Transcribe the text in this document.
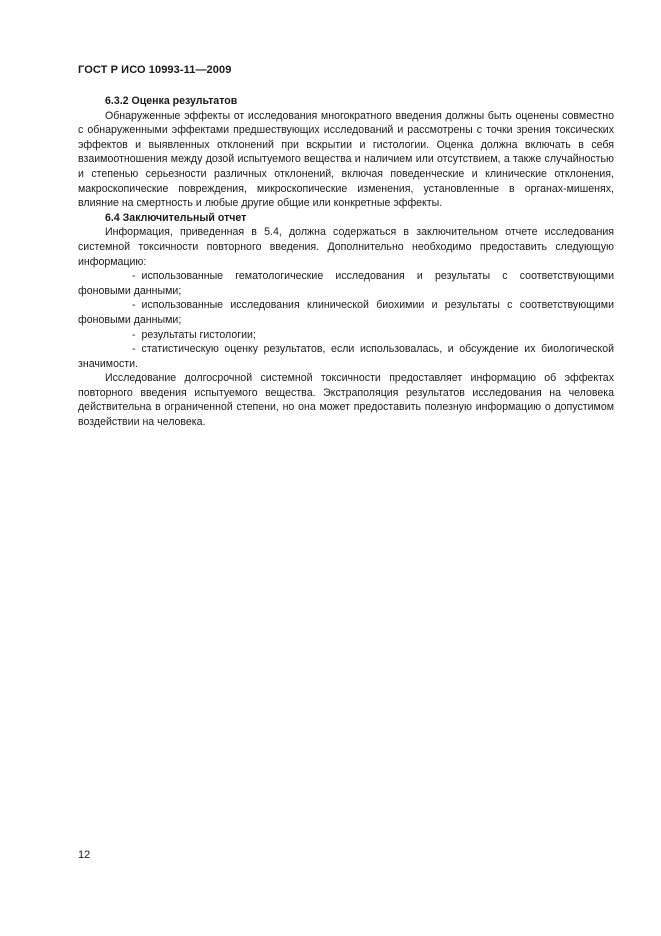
ГОСТ Р ИСО 10993-11—2009

6.3.2 Оценка результатов

Обнаруженные эффекты от исследования многократного введения должны быть оценены совместно с обнаруженными эффектами предшествующих исследований и рассмотрены с точки зрения токсических эффектов и выявленных отклонений при вскрытии и гистологии. Оценка должна включать в себя взаимоотношения между дозой испытуемого вещества и наличием или отсутствием, а также случайностью и степенью серьезности различных отклонений, включая поведенческие и клинические отклонения, макроскопические повреждения, микроскопические изменения, установленные в органах-мишенях, влияние на смертность и любые другие общие или конкретные эффекты.

6.4 Заключительный отчет

Информация, приведенная в 5.4, должна содержаться в заключительном отчете исследования системной токсичности повторного введения. Дополнительно необходимо предоставить следующую информацию:

- использованные гематологические исследования и результаты с соответствующими фоновыми данными;
- использованные исследования клинической биохимии и результаты с соответствующими фоновыми данными;
- результаты гистологии;
- статистическую оценку результатов, если использовалась, и обсуждение их биологической значимости.

Исследование долгосрочной системной токсичности предоставляет информацию об эффектах повторного введения испытуемого вещества. Экстраполяция результатов исследования на человека действительна в ограниченной степени, но она может предоставить полезную информацию о допустимом воздействии на человека.

12
